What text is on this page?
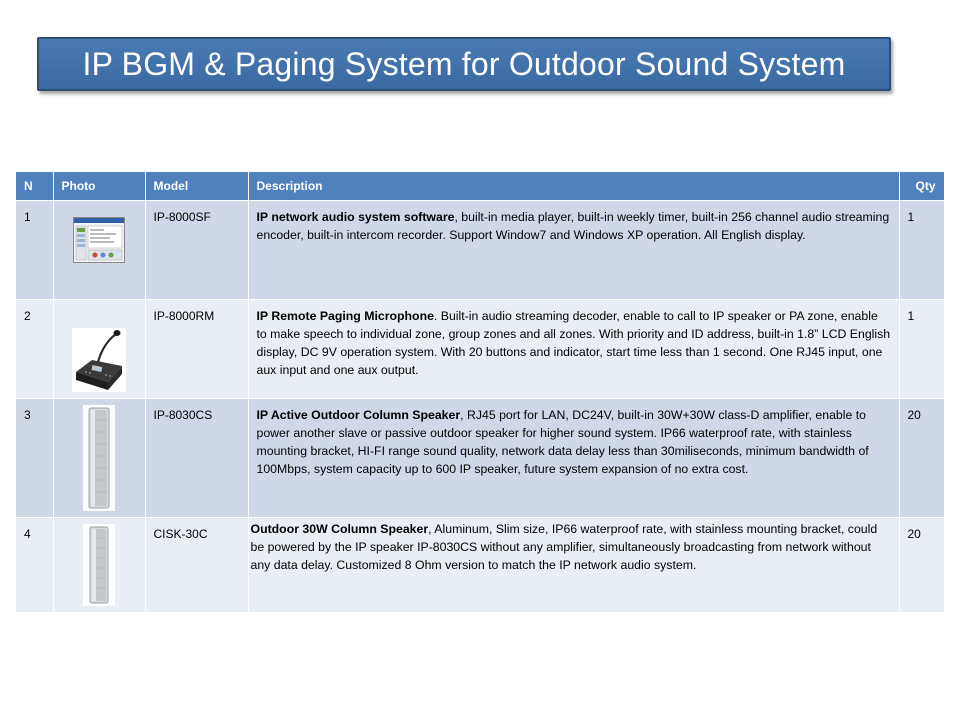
IP BGM & Paging System for Outdoor Sound System
N	Photo	Model	Description	Qty
1		IP-8000SF	IP network audio system software, built-in media player, built-in weekly timer, built-in 256 channel audio streaming encoder, built-in intercom recorder. Support Window7 and Windows XP operation. All English display.	1
2		IP-8000RM	IP Remote Paging Microphone. Built-in audio streaming decoder, enable to call to IP speaker or PA zone, enable to make speech to individual zone, group zones and all zones. With priority and ID address, built-in 1.8” LCD English display, DC 9V operation system. With 20 buttons and indicator, start time less than 1 second. One RJ45 input, one aux input and one aux output.	1
3		IP-8030CS	IP Active Outdoor Column Speaker, RJ45 port for LAN, DC24V, built-in 30W+30W class-D amplifier, enable to power another slave or passive outdoor speaker for higher sound system. IP66 waterproof rate, with stainless mounting bracket, HI-FI range sound quality, network data delay less than 30miliseconds, minimum bandwidth of 100Mbps, system capacity up to 600 IP speaker, future system expansion of no extra cost.	20
4		CISK-30C	Outdoor 30W Column Speaker, Aluminum, Slim size, IP66 waterproof rate, with stainless mounting bracket, could be powered by the IP speaker IP-8030CS without any amplifier, simultaneously broadcasting from network without any data delay. Customized 8 Ohm version to match the IP network audio system.	20
